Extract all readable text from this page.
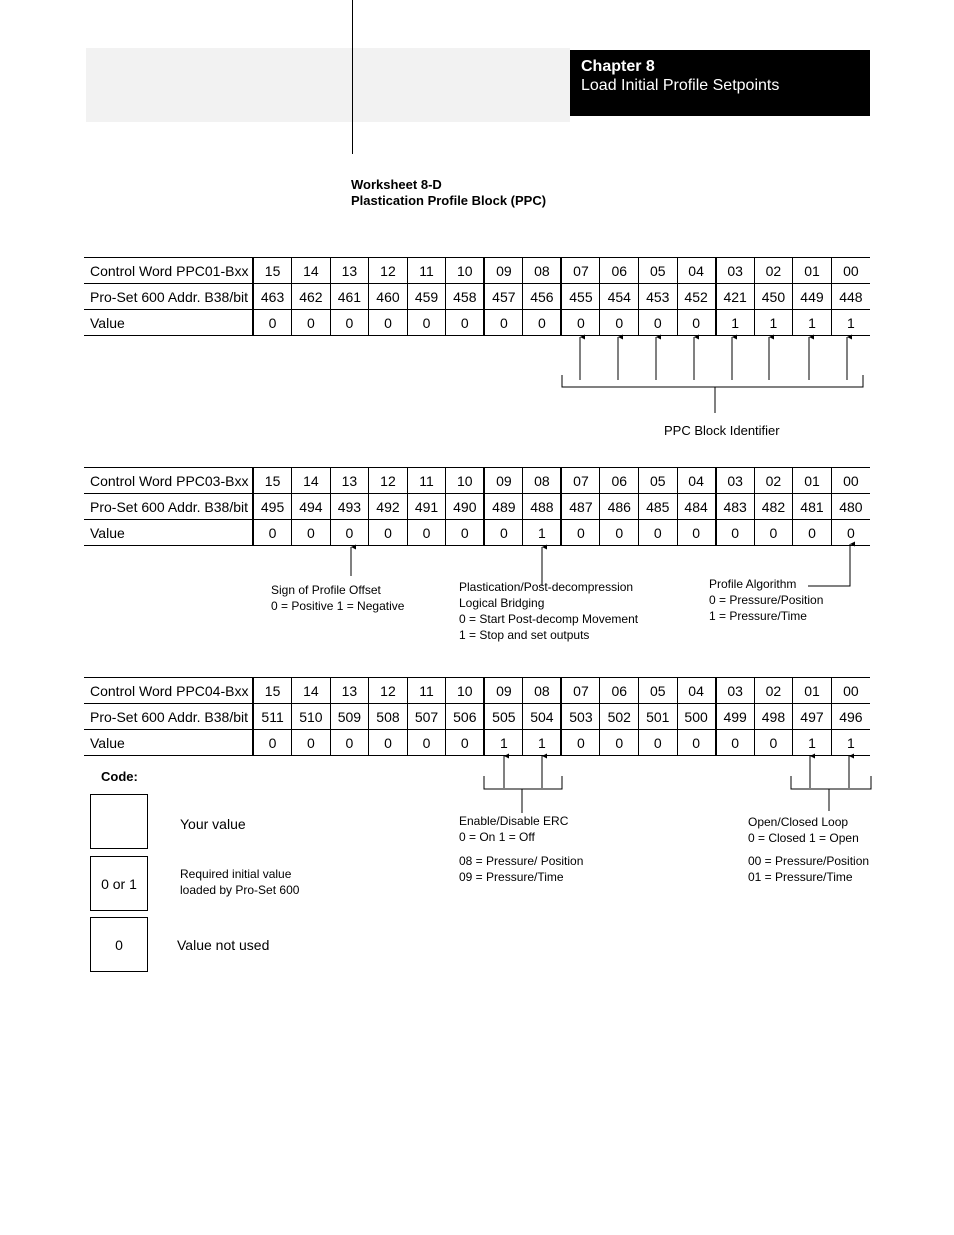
Chapter 8
Load Initial Profile Setpoints
Worksheet 8-D
Plastication Profile Block (PPC)
Control Word PPC01-Bxx	15	14	13	12	11	10	09	08	07	06	05	04	03	02	01	00
Pro-Set 600 Addr. B38/bit	463	462	461	460	459	458	457	456	455	454	453	452	421	450	449	448
Value	0	0	0	0	0	0	0	0	0	0	0	0	1	1	1	1
Control Word PPC03-Bxx	15	14	13	12	11	10	09	08	07	06	05	04	03	02	01	00
Pro-Set 600 Addr. B38/bit	495	494	493	492	491	490	489	488	487	486	485	484	483	482	481	480
Value	0	0	0	0	0	0	0	1	0	0	0	0	0	0	0	0
Control Word PPC04-Bxx	15	14	13	12	11	10	09	08	07	06	05	04	03	02	01	00
Pro-Set 600 Addr. B38/bit	511	510	509	508	507	506	505	504	503	502	501	500	499	498	497	496
Value	0	0	0	0	0	0	1	1	0	0	0	0	0	0	1	1
PPC Block Identifier
Sign of Profile Offset
0 = Positive 1 = Negative
Plastication/Post-decompression
Logical Bridging
0 = Start Post-decomp Movement
1 = Stop and set outputs
Profile Algorithm
0 = Pressure/Position
1 = Pressure/Time
Enable/Disable ERC
0 = On 1 = Off
08 = Pressure/ Position
09 = Pressure/Time
Open/Closed Loop
0 = Closed 1 = Open
00 = Pressure/Position
01 = Pressure/Time
Code:
Your value
0 or 1
Required initial value
loaded by Pro-Set 600
0	Value not used
